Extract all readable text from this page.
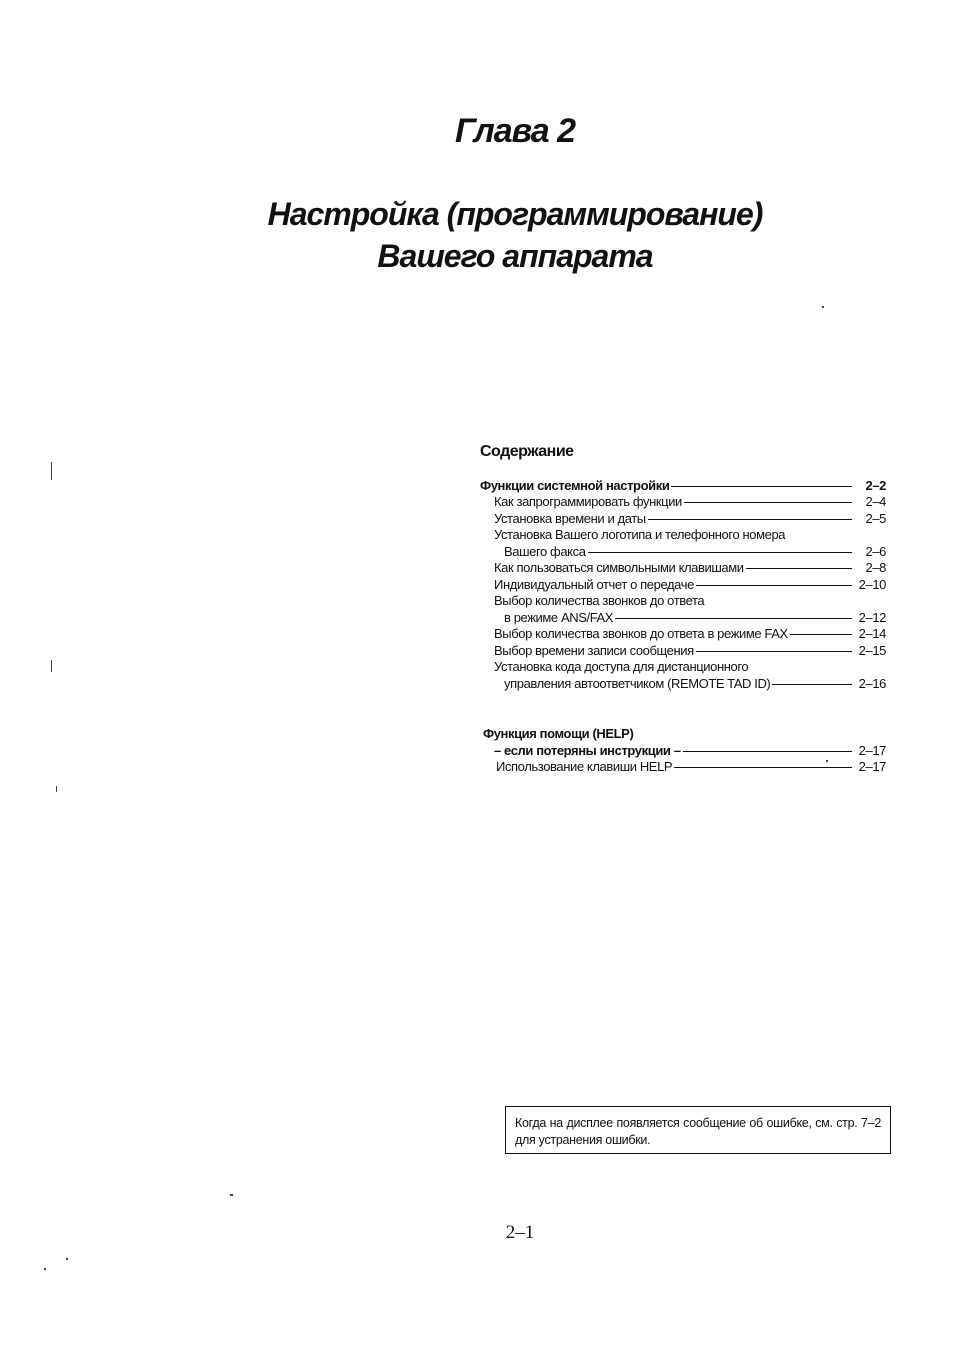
Глава 2
Настройка (программирование)
Вашего аппарата
Содержание
Функции системной настройки	2–2
Как запрограммировать функции	2–4
Установка времени и даты	2–5
Установка Вашего логотипа и телефонного номера
Вашего факса	2–6
Как пользоваться символьными клавишами	2–8
Индивидуальный отчет о передаче	2–10
Выбор количества звонков до ответа
в режиме ANS/FAX	2–12
Выбор количества звонков до ответа в режиме FAX	2–14
Выбор времени записи сообщения	2–15
Установка кода доступа для дистанционного
управления автоответчиком (REMOTE TAD ID)	2–16
Функция помощи (HELP)
– если потеряны инструкции –	2–17
Использование клавиши HELP	2–17
Когда на дисплее появляется сообщение об ошибке, см. стр. 7–2 для устранения ошибки.
2–1
